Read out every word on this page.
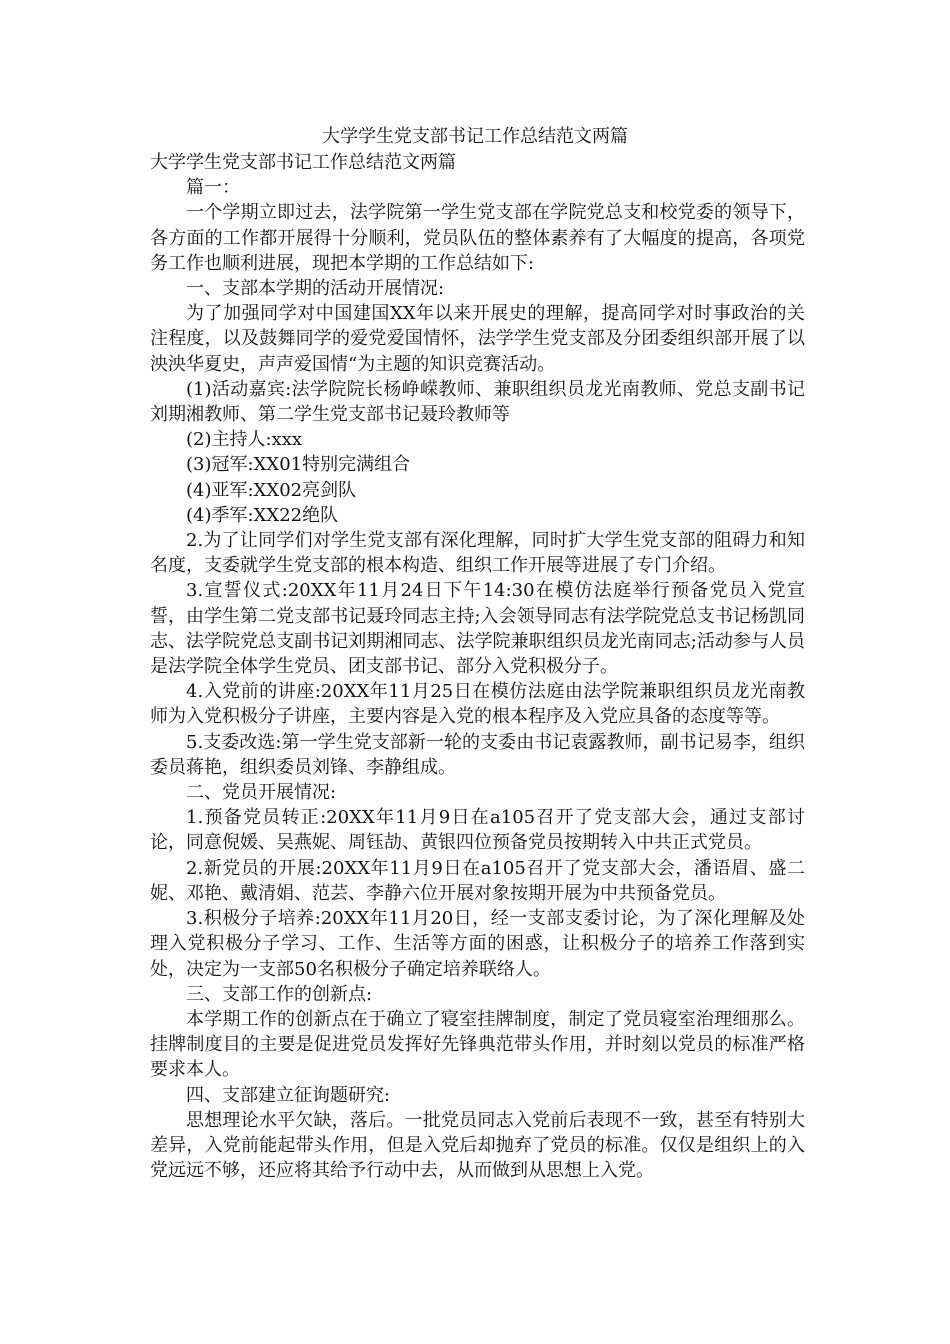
大学学生党支部书记工作总结范文两篇

大学学生党支部书记工作总结范文两篇

篇一：

一个学期立即过去，法学院第一学生党支部在学院党总支和校党委的领导下，各方面的工作都开展得十分顺利，党员队伍的整体素养有了大幅度的提高，各项党务工作也顺利进展，现把本学期的工作总结如下:

一、支部本学期的活动开展情况:

为了加强同学对中国建国XX年以来开展史的理解，提高同学对时事政治的关注程度，以及鼓舞同学的爱党爱国情怀，法学学生党支部及分团委组织部开展了以泱泱华夏史，声声爱国情“为主题的知识竞赛活动。

(1)活动嘉宾:法学院院长杨峥嵘教师、兼职组织员龙光南教师、党总支副书记刘期湘教师、第二学生党支部书记聂玲教师等

(2)主持人:xxx

(3)冠军:XX01特别完满组合

(4)亚军:XX02亮剑队

(4)季军:XX22绝队

2.为了让同学们对学生党支部有深化理解，同时扩大学生党支部的阻碍力和知名度，支委就学生党支部的根本构造、组织工作开展等进展了专门介绍。

3.宣誓仪式:20XX年11月24日下午14:30在模仿法庭举行预备党员入党宣誓，由学生第二党支部书记聂玲同志主持;入会领导同志有法学院党总支书记杨凯同志、法学院党总支副书记刘期湘同志、法学院兼职组织员龙光南同志;活动参与人员是法学院全体学生党员、团支部书记、部分入党积极分子。

4.入党前的讲座:20XX年11月25日在模仿法庭由法学院兼职组织员龙光南教师为入党积极分子讲座，主要内容是入党的根本程序及入党应具备的态度等等。

5.支委改选:第一学生党支部新一轮的支委由书记袁露教师，副书记易李，组织委员蒋艳，组织委员刘锋、李静组成。

二、党员开展情况:

1.预备党员转正:20XX年11月9日在a105召开了党支部大会，通过支部讨论，同意倪媛、吴燕妮、周钰劼、黄银四位预备党员按期转入中共正式党员。

2.新党员的开展:20XX年11月9日在a105召开了党支部大会，潘语眉、盛二妮、邓艳、戴清娟、范芸、李静六位开展对象按期开展为中共预备党员。

3.积极分子培养:20XX年11月20日，经一支部支委讨论，为了深化理解及处理入党积极分子学习、工作、生活等方面的困惑，让积极分子的培养工作落到实处，决定为一支部50名积极分子确定培养联络人。

三、支部工作的创新点:

本学期工作的创新点在于确立了寝室挂牌制度，制定了党员寝室治理细那么。挂牌制度目的主要是促进党员发挥好先锋典范带头作用，并时刻以党员的标准严格要求本人。

四、支部建立征询题研究:

思想理论水平欠缺，落后。一批党员同志入党前后表现不一致，甚至有特别大差异，入党前能起带头作用，但是入党后却抛弃了党员的标准。仅仅是组织上的入党远远不够，还应将其给予行动中去，从而做到从思想上入党。
